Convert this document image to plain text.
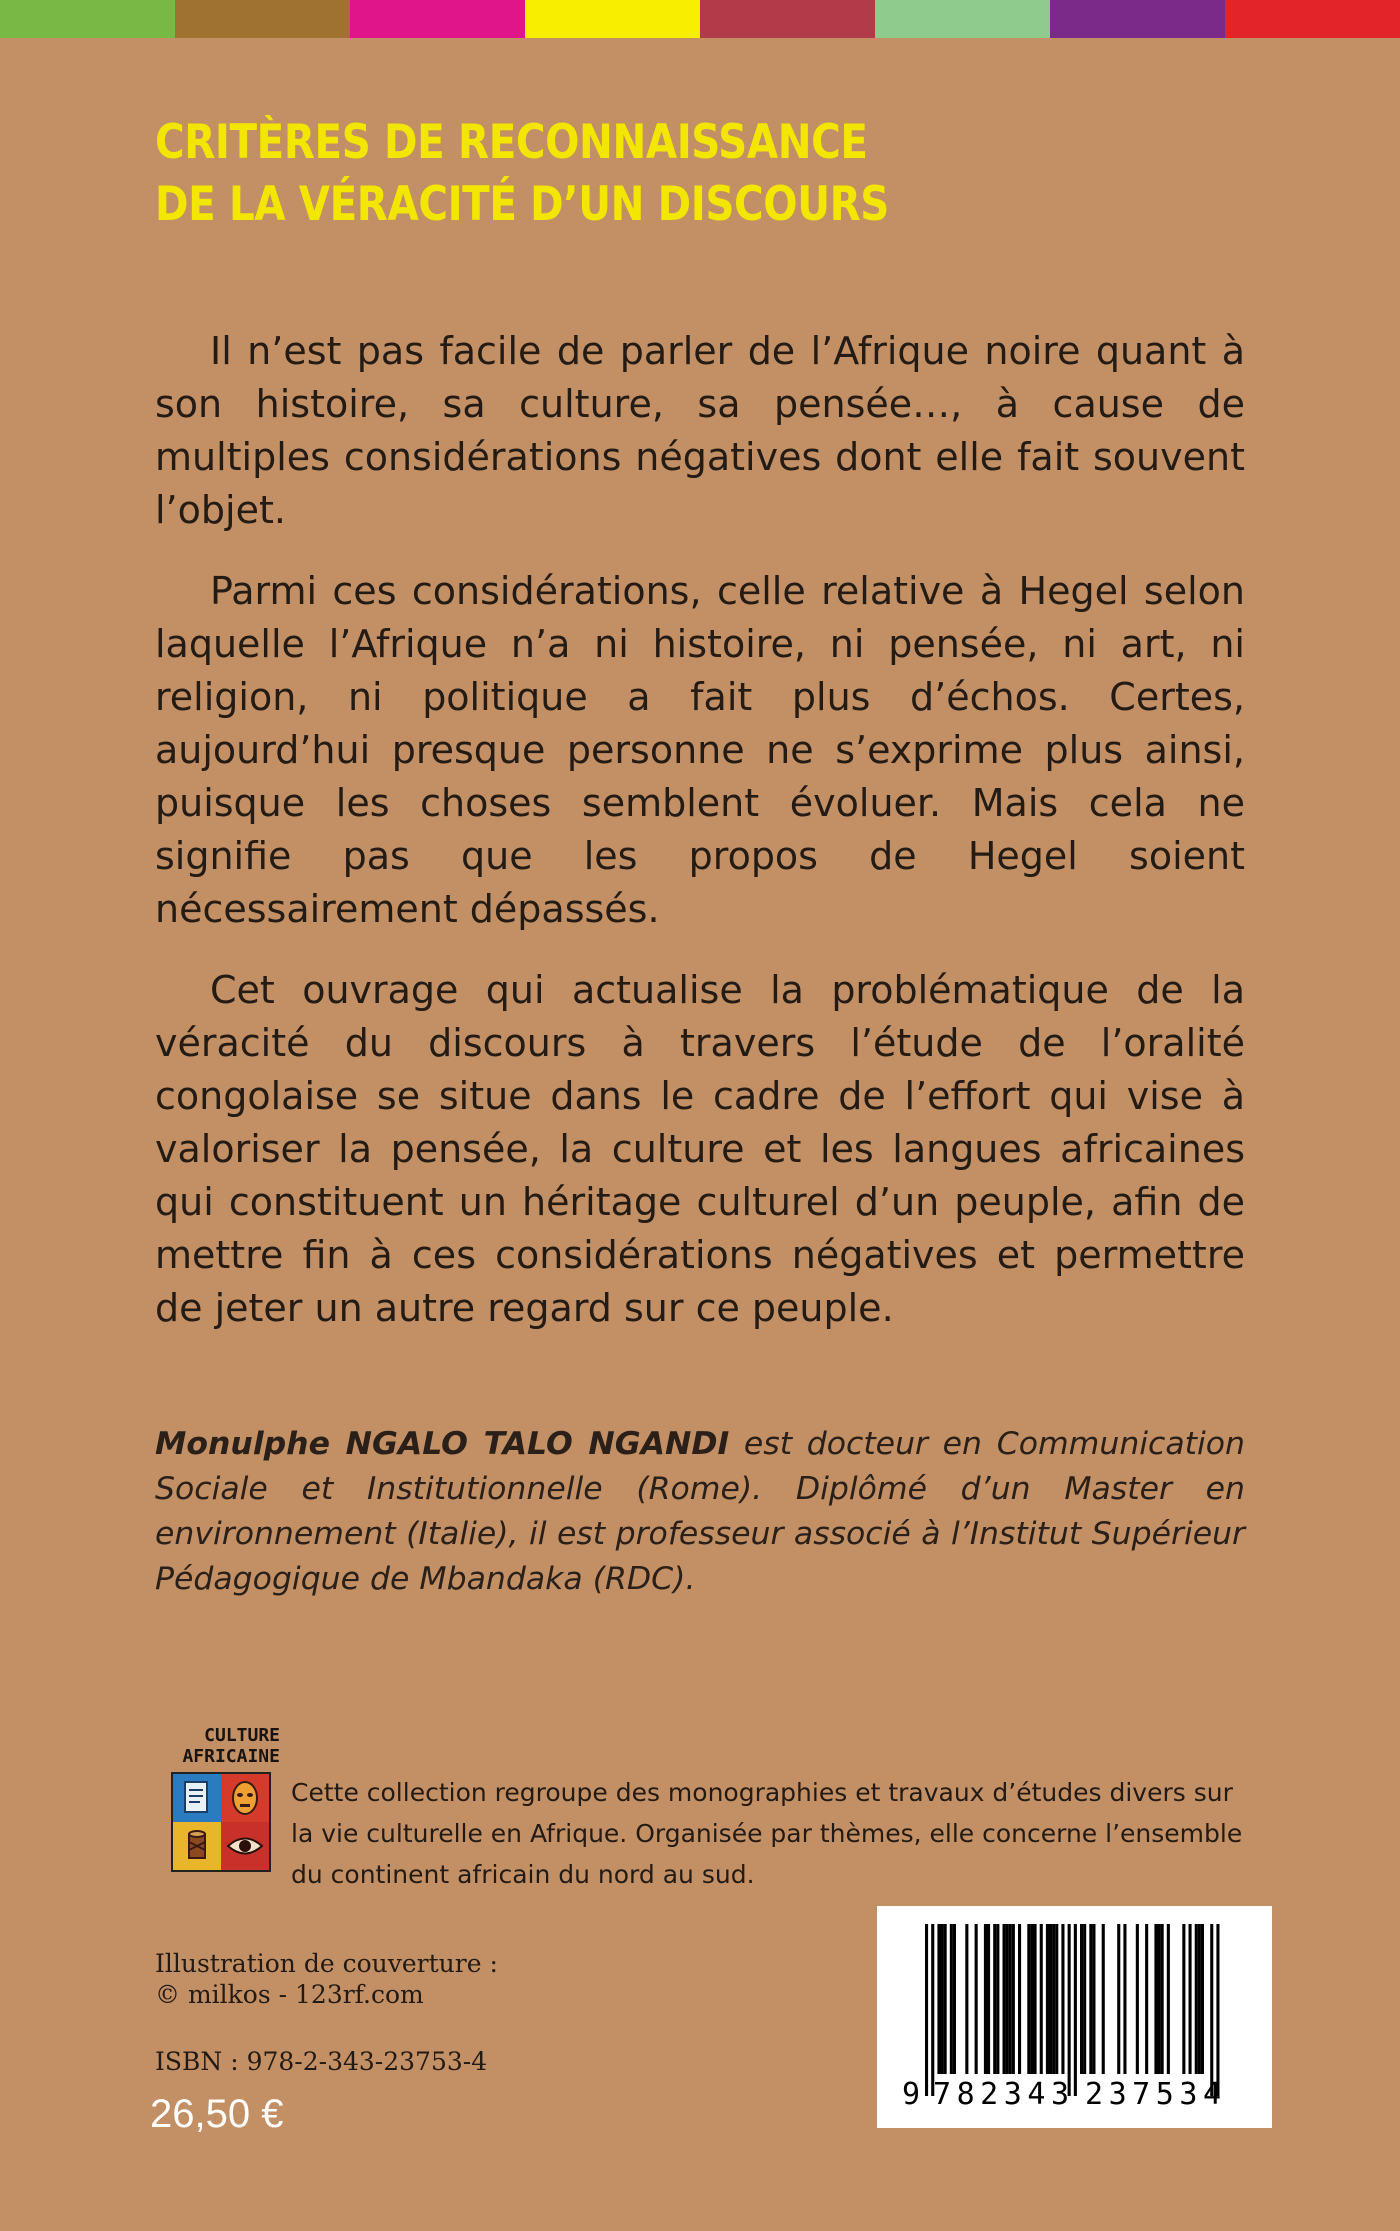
CRITÈRES DE RECONNAISSANCE
DE LA VÉRACITÉ D’UN DISCOURS

Il n’est pas facile de parler de l’Afrique noire quant à son histoire, sa culture, sa pensée…, à cause de multiples considérations négatives dont elle fait souvent l’objet.

Parmi ces considérations, celle relative à Hegel selon laquelle l’Afrique n’a ni histoire, ni pensée, ni art, ni religion, ni politique a fait plus d’échos. Certes, aujourd’hui presque personne ne s’exprime plus ainsi, puisque les choses semblent évoluer. Mais cela ne signifie pas que les propos de Hegel soient nécessairement dépassés.

Cet ouvrage qui actualise la problématique de la véracité du discours à travers l’étude de l’oralité congolaise se situe dans le cadre de l’effort qui vise à valoriser la pensée, la culture et les langues africaines qui constituent un héritage culturel d’un peuple, afin de mettre fin à ces considérations négatives et permettre de jeter un autre regard sur ce peuple.

Monulphe NGALO TALO NGANDI est docteur en Communication Sociale et Institutionnelle (Rome). Diplômé d’un Master en environnement (Italie), il est professeur associé à l’Institut Supérieur Pédagogique de Mbandaka (RDC).
CULTURE
AFRICAINE
Cette collection regroupe des monographies et travaux d’études divers sur la vie culturelle en Afrique. Organisée par thèmes, elle concerne l’ensemble du continent africain du nord au sud.
Illustration de couverture :
© milkos - 123rf.com
ISBN : 978-2-343-23753-4
26,50 €	9 782343 237534
